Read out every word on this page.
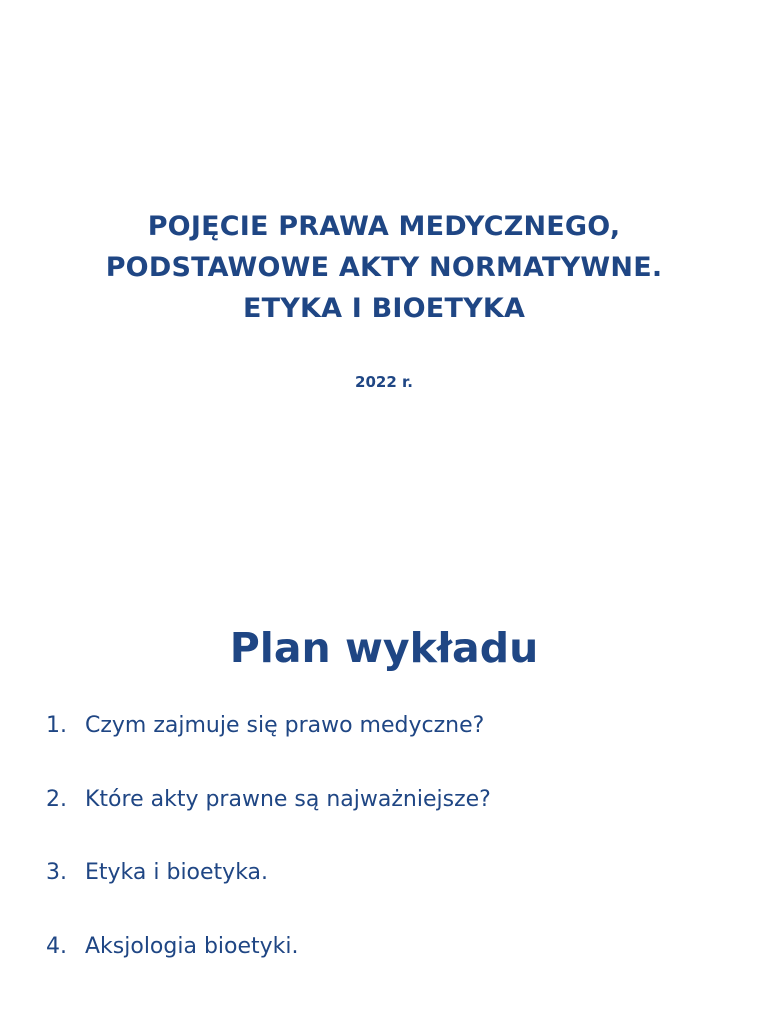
POJĘCIE PRAWA MEDYCZNEGO,
PODSTAWOWE AKTY NORMATYWNE.
ETYKA I BIOETYKA
2022 r.
Plan wykładu
1. Czym zajmuje się prawo medyczne?
2. Które akty prawne są najważniejsze?
3. Etyka i bioetyka.
4. Aksjologia bioetyki.
